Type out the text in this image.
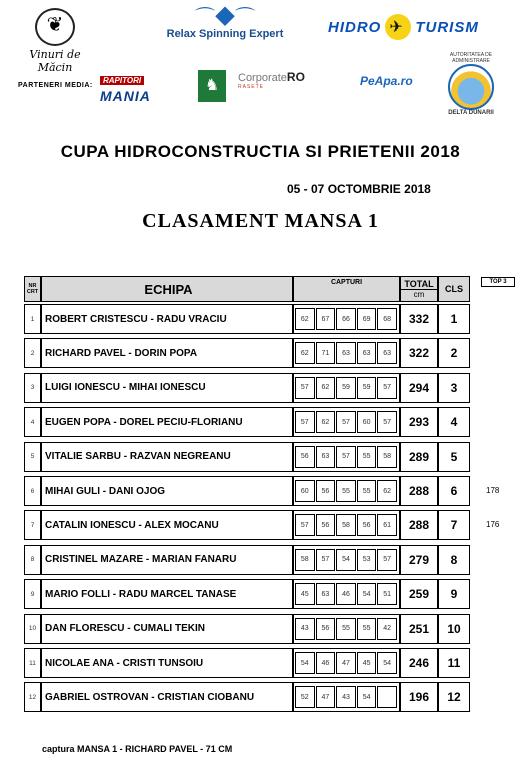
❦
Vinuri de Măcin
⌒◆⌒
Relax Spinning Expert	HIDRO
✈ TURISM
PARTENERI MEDIA:
RAPITORI
MANIA
♞	CorporateRO
RASETE	PeApa.ro
AUTORITATEA DE ADMINISTRARE
DELTA DUNARII
CUPA HIDROCONSTRUCTIA SI PRIETENII 2018
05 - 07 OCTOMBRIE 2018
CLASAMENT MANSA 1
NR
CRT	ECHIPA	CAPTURI	TOTAL
cm
CLS
1	ROBERT CRISTESCU - RADU VRACIU	62	67	66	69	68	332	1
2	RICHARD PAVEL - DORIN POPA	62	71	63	63	63	322	2
3	LUIGI IONESCU - MIHAI IONESCU	57	62	59	59	57	294	3
4	EUGEN POPA - DOREL PECIU-FLORIANU	57	62	57	60	57	293	4
5	VITALIE SARBU - RAZVAN NEGREANU	56	63	57	55	58	289	5
6	MIHAI GULI - DANI OJOG	60	56	55	55	62	288	6
7	CATALIN IONESCU - ALEX MOCANU	57	56	58	56	61	288	7
8	CRISTINEL MAZARE - MARIAN FANARU	58	57	54	53	57	279	8
9	MARIO FOLLI - RADU MARCEL TANASE	45	63	46	54	51	259	9
10 DAN FLORESCU - CUMALI TEKIN	43	56	55	55	42	251	10
11 NICOLAE ANA - CRISTI TUNSOIU	54	46	47	45	54	246	11
12 GABRIEL OSTROVAN - CRISTIAN CIOBANU	52	47	43	54	196	12
TOP 3
captura MANSA 1 - RICHARD PAVEL - 71 CM
178
176
